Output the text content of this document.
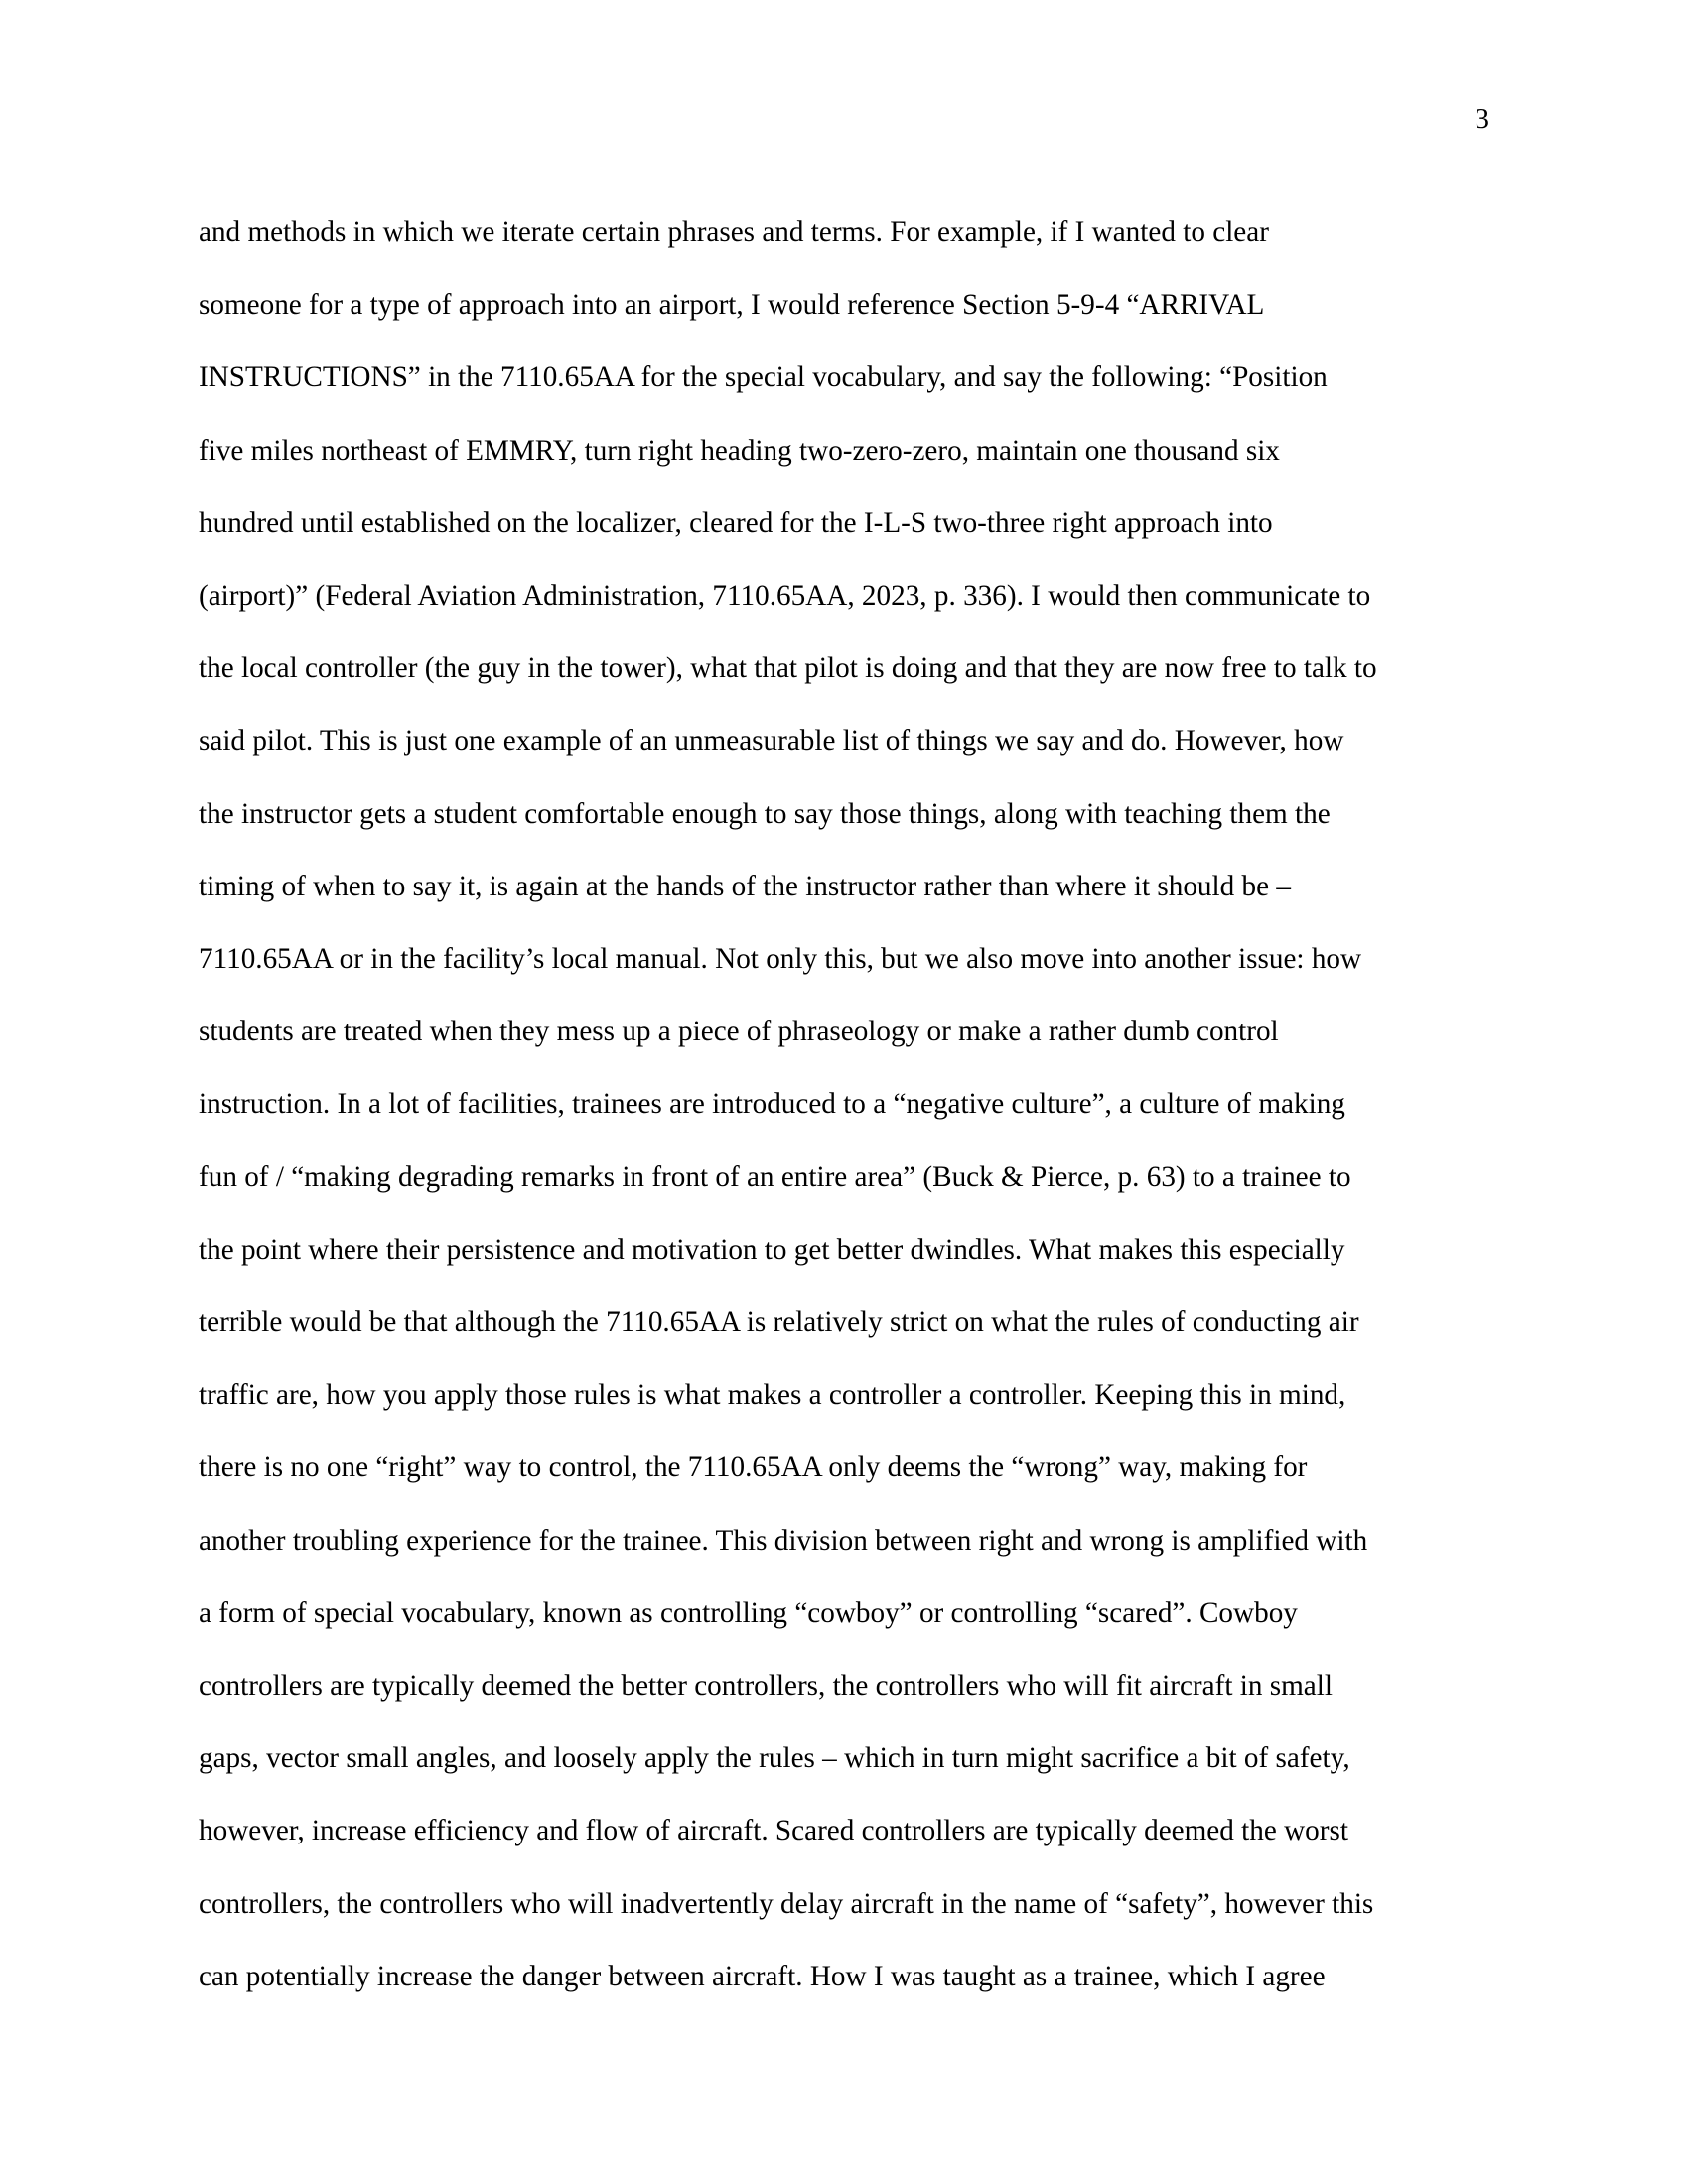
3
and methods in which we iterate certain phrases and terms. For example, if I wanted to clear
someone for a type of approach into an airport, I would reference Section 5-9-4 “ARRIVAL
INSTRUCTIONS” in the 7110.65AA for the special vocabulary, and say the following: “Position
five miles northeast of EMMRY, turn right heading two-zero-zero, maintain one thousand six
hundred until established on the localizer, cleared for the I-L-S two-three right approach into
(airport)” (Federal Aviation Administration, 7110.65AA, 2023, p. 336). I would then communicate to
the local controller (the guy in the tower), what that pilot is doing and that they are now free to talk to
said pilot. This is just one example of an unmeasurable list of things we say and do. However, how
the instructor gets a student comfortable enough to say those things, along with teaching them the
timing of when to say it, is again at the hands of the instructor rather than where it should be –
7110.65AA or in the facility’s local manual. Not only this, but we also move into another issue: how
students are treated when they mess up a piece of phraseology or make a rather dumb control
instruction. In a lot of facilities, trainees are introduced to a “negative culture”, a culture of making
fun of / “making degrading remarks in front of an entire area” (Buck & Pierce, p. 63) to a trainee to
the point where their persistence and motivation to get better dwindles. What makes this especially
terrible would be that although the 7110.65AA is relatively strict on what the rules of conducting air
traffic are, how you apply those rules is what makes a controller a controller. Keeping this in mind,
there is no one “right” way to control, the 7110.65AA only deems the “wrong” way, making for
another troubling experience for the trainee. This division between right and wrong is amplified with
a form of special vocabulary, known as controlling “cowboy” or controlling “scared”. Cowboy
controllers are typically deemed the better controllers, the controllers who will fit aircraft in small
gaps, vector small angles, and loosely apply the rules – which in turn might sacrifice a bit of safety,
however, increase efficiency and flow of aircraft. Scared controllers are typically deemed the worst
controllers, the controllers who will inadvertently delay aircraft in the name of “safety”, however this
can potentially increase the danger between aircraft. How I was taught as a trainee, which I agree
